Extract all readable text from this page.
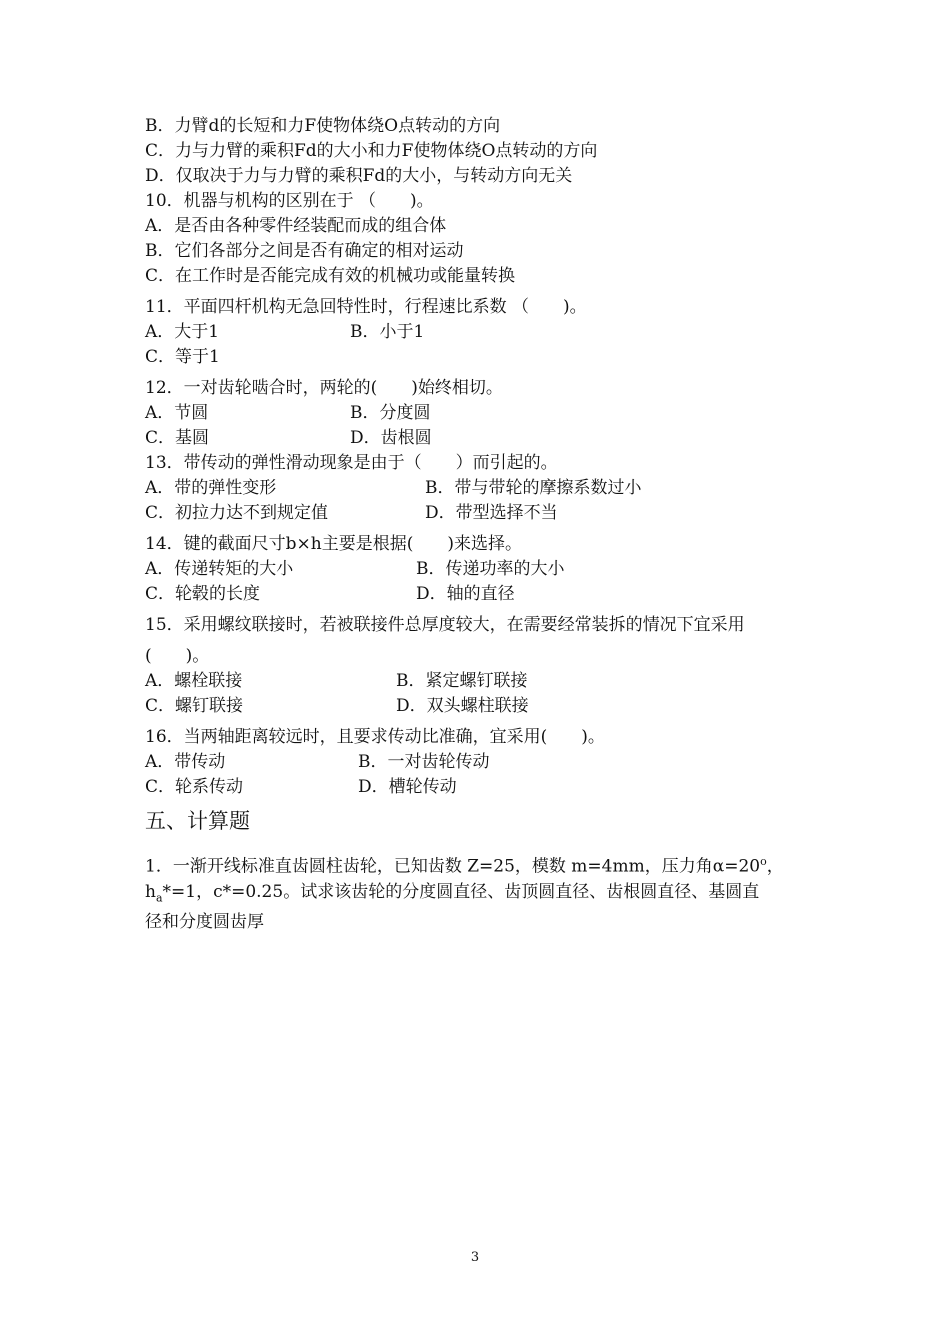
B．力臂d的长短和力F使物体绕O点转动的方向
C．力与力臂的乘积Fd的大小和力F使物体绕O点转动的方向
D．仅取决于力与力臂的乘积Fd的大小，与转动方向无关
10．机器与机构的区别在于 （　　)。
A．是否由各种零件经装配而成的组合体
B．它们各部分之间是否有确定的相对运动
C．在工作时是否能完成有效的机械功或能量转换
11．平面四杆机构无急回特性时，行程速比系数 （　　)。
A．大于1	B．小于1
C．等于1
12．一对齿轮啮合时，两轮的(　　)始终相切。
A．节圆	B．分度圆
C．基圆	D．齿根圆
13．带传动的弹性滑动现象是由于（　　）而引起的。
A．带的弹性变形	B．带与带轮的摩擦系数过小
C．初拉力达不到规定值	D．带型选择不当
14．键的截面尺寸b×h主要是根据(　　)来选择。
A．传递转矩的大小	B．传递功率的大小
C．轮毂的长度	D．轴的直径
15．采用螺纹联接时，若被联接件总厚度较大，在需要经常装拆的情况下宜采用
(　　)。
A．螺栓联接	B．紧定螺钉联接
C．螺钉联接	D．双头螺柱联接
16．当两轴距离较远时，且要求传动比准确，宜采用(　　)。
A．带传动	B．一对齿轮传动
C．轮系传动	D．槽轮传动
五、计算题

1．一渐开线标准直齿圆柱齿轮，已知齿数 Z=25，模数 m=4mm，压力角$\alpha=20^o$，

$h_a*=1$，c*=0.25。试求该齿轮的分度圆直径、齿顶圆直径、齿根圆直径、基圆直

径和分度圆齿厚

3
